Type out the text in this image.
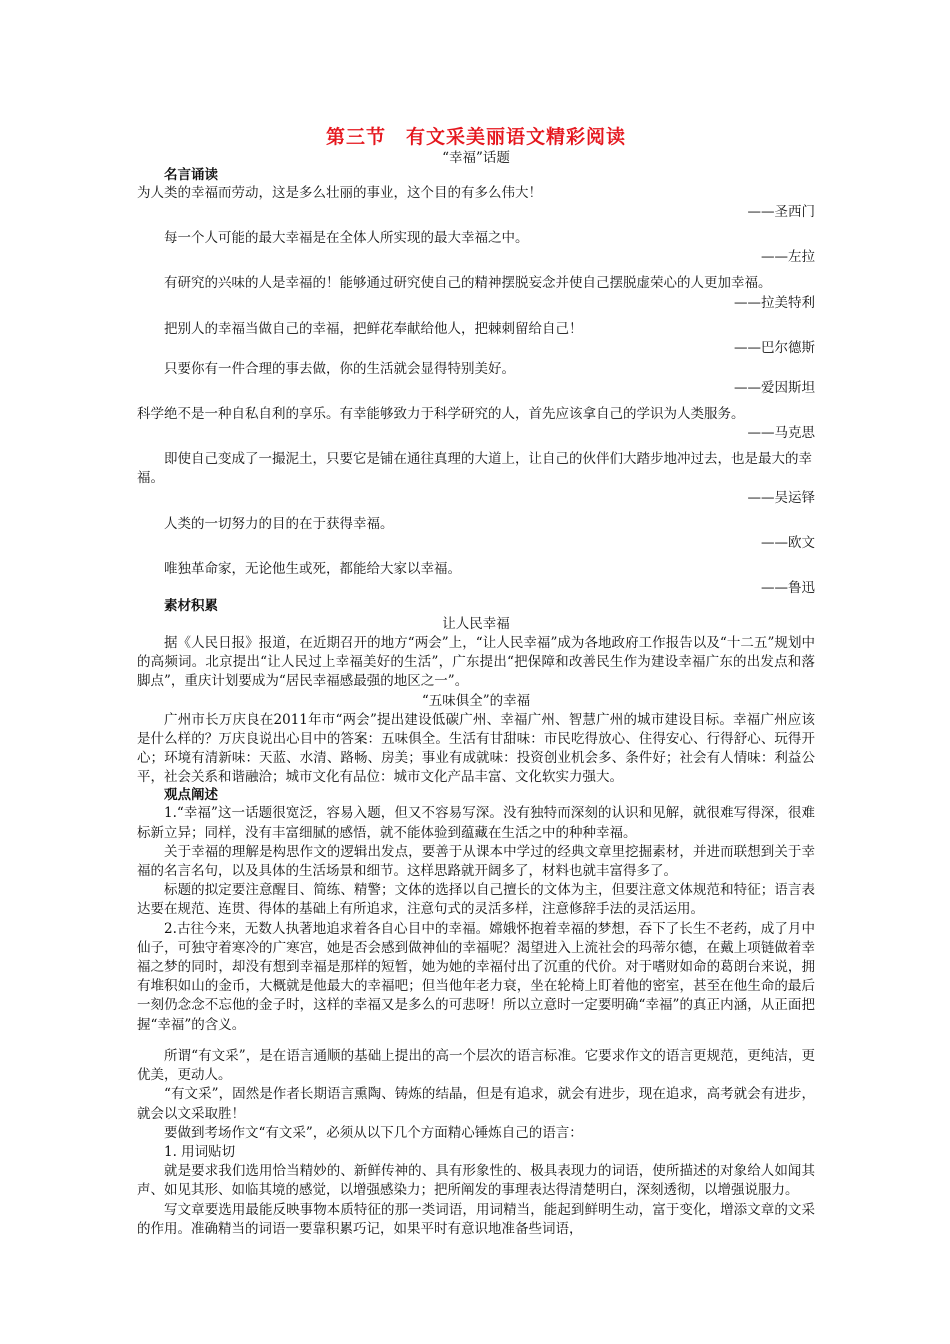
第三节　有文采美丽语文精彩阅读

“幸福”话题

名言诵读

为人类的幸福而劳动，这是多么壮丽的事业，这个目的有多么伟大！

——圣西门

每一个人可能的最大幸福是在全体人所实现的最大幸福之中。

——左拉

有研究的兴味的人是幸福的！能够通过研究使自己的精神摆脱妄念并使自己摆脱虚荣心的人更加幸福。

——拉美特利

把别人的幸福当做自己的幸福，把鲜花奉献给他人，把棘刺留给自己！

——巴尔德斯

只要你有一件合理的事去做，你的生活就会显得特别美好。

——爱因斯坦

科学绝不是一种自私自利的享乐。有幸能够致力于科学研究的人，首先应该拿自己的学识为人类服务。

——马克思

即使自己变成了一撮泥土，只要它是铺在通往真理的大道上，让自己的伙伴们大踏步地冲过去，也是最大的幸福。

——吴运铎

人类的一切努力的目的在于获得幸福。

——欧文

唯独革命家，无论他生或死，都能给大家以幸福。

——鲁迅

素材积累

让人民幸福

据《人民日报》报道，在近期召开的地方“两会”上，“让人民幸福”成为各地政府工作报告以及“十二五”规划中的高频词。北京提出“让人民过上幸福美好的生活”，广东提出“把保障和改善民生作为建设幸福广东的出发点和落脚点”，重庆计划要成为“居民幸福感最强的地区之一”。

“五味俱全”的幸福

广州市长万庆良在2011年市“两会”提出建设低碳广州、幸福广州、智慧广州的城市建设目标。幸福广州应该是什么样的？万庆良说出心目中的答案：五味俱全。生活有甘甜味：市民吃得放心、住得安心、行得舒心、玩得开心；环境有清新味：天蓝、水清、路畅、房美；事业有成就味：投资创业机会多、条件好；社会有人情味：利益公平，社会关系和谐融洽；城市文化有品位：城市文化产品丰富、文化软实力强大。

观点阐述

1.“幸福”这一话题很宽泛，容易入题，但又不容易写深。没有独特而深刻的认识和见解，就很难写得深，很难标新立异；同样，没有丰富细腻的感悟，就不能体验到蕴藏在生活之中的种种幸福。

关于幸福的理解是构思作文的逻辑出发点，要善于从课本中学过的经典文章里挖掘素材，并进而联想到关于幸福的名言名句，以及具体的生活场景和细节。这样思路就开阔多了，材料也就丰富得多了。

标题的拟定要注意醒目、简练、精警；文体的选择以自己擅长的文体为主，但要注意文体规范和特征；语言表达要在规范、连贯、得体的基础上有所追求，注意句式的灵活多样，注意修辞手法的灵活运用。

2.古往今来，无数人执著地追求着各自心目中的幸福。嫦娥怀抱着幸福的梦想，吞下了长生不老药，成了月中仙子，可独守着寒冷的广寒宫，她是否会感到做神仙的幸福呢？渴望进入上流社会的玛蒂尔德，在戴上项链做着幸福之梦的同时，却没有想到幸福是那样的短暂，她为她的幸福付出了沉重的代价。对于嗜财如命的葛朗台来说，拥有堆积如山的金币，大概就是他最大的幸福吧；但当他年老力衰，坐在轮椅上盯着他的密室，甚至在他生命的最后一刻仍念念不忘他的金子时，这样的幸福又是多么的可悲呀！所以立意时一定要明确“幸福”的真正内涵，从正面把握“幸福”的含义。

所谓“有文采”，是在语言通顺的基础上提出的高一个层次的语言标准。它要求作文的语言更规范，更纯洁，更优美，更动人。

“有文采”，固然是作者长期语言熏陶、铸炼的结晶，但是有追求，就会有进步，现在追求，高考就会有进步，就会以文采取胜！

要做到考场作文“有文采”，必须从以下几个方面精心锤炼自己的语言：

1. 用词贴切

就是要求我们选用恰当精妙的、新鲜传神的、具有形象性的、极具表现力的词语，使所描述的对象给人如闻其声、如见其形、如临其境的感觉，以增强感染力；把所阐发的事理表达得清楚明白，深刻透彻，以增强说服力。

写文章要选用最能反映事物本质特征的那一类词语，用词精当，能起到鲜明生动，富于变化，增添文章的文采的作用。准确精当的词语一要靠积累巧记，如果平时有意识地准备些词语，
